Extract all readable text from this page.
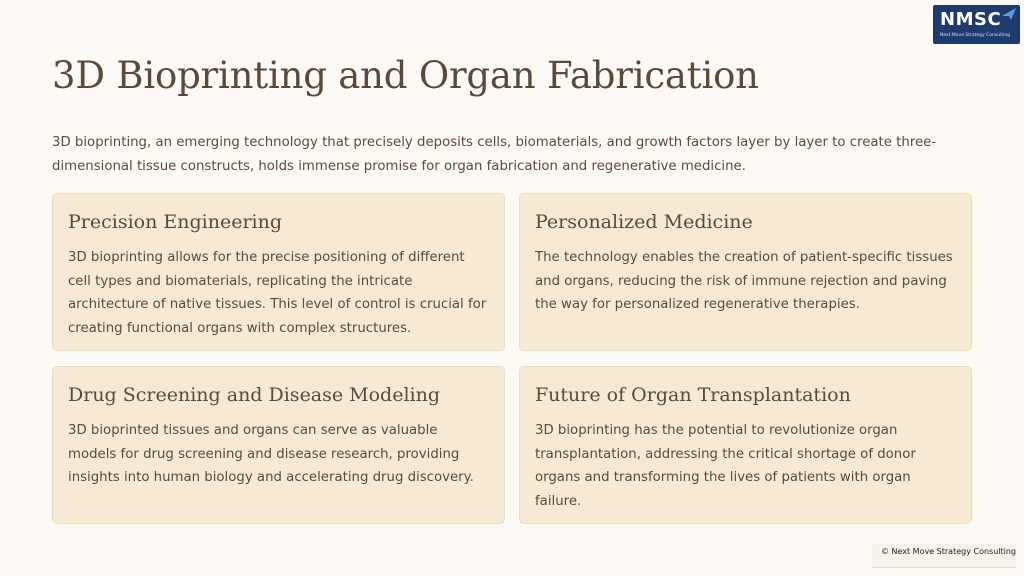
NMSC
Next Move Strategy Consulting
3D Bioprinting and Organ Fabrication

3D bioprinting, an emerging technology that precisely deposits cells, biomaterials, and growth factors layer by layer to create three-dimensional tissue constructs, holds immense promise for organ fabrication and regenerative medicine.

Precision Engineering
3D bioprinting allows for the precise positioning of different cell types and biomaterials, replicating the intricate architecture of native tissues. This level of control is crucial for creating functional organs with complex structures.
Personalized Medicine
The technology enables the creation of patient-specific tissues and organs, reducing the risk of immune rejection and paving the way for personalized regenerative therapies.
Drug Screening and Disease Modeling
3D bioprinted tissues and organs can serve as valuable models for drug screening and disease research, providing insights into human biology and accelerating drug discovery.
Future of Organ Transplantation
3D bioprinting has the potential to revolutionize organ transplantation, addressing the critical shortage of donor organs and transforming the lives of patients with organ failure.
© Next Move Strategy Consulting
